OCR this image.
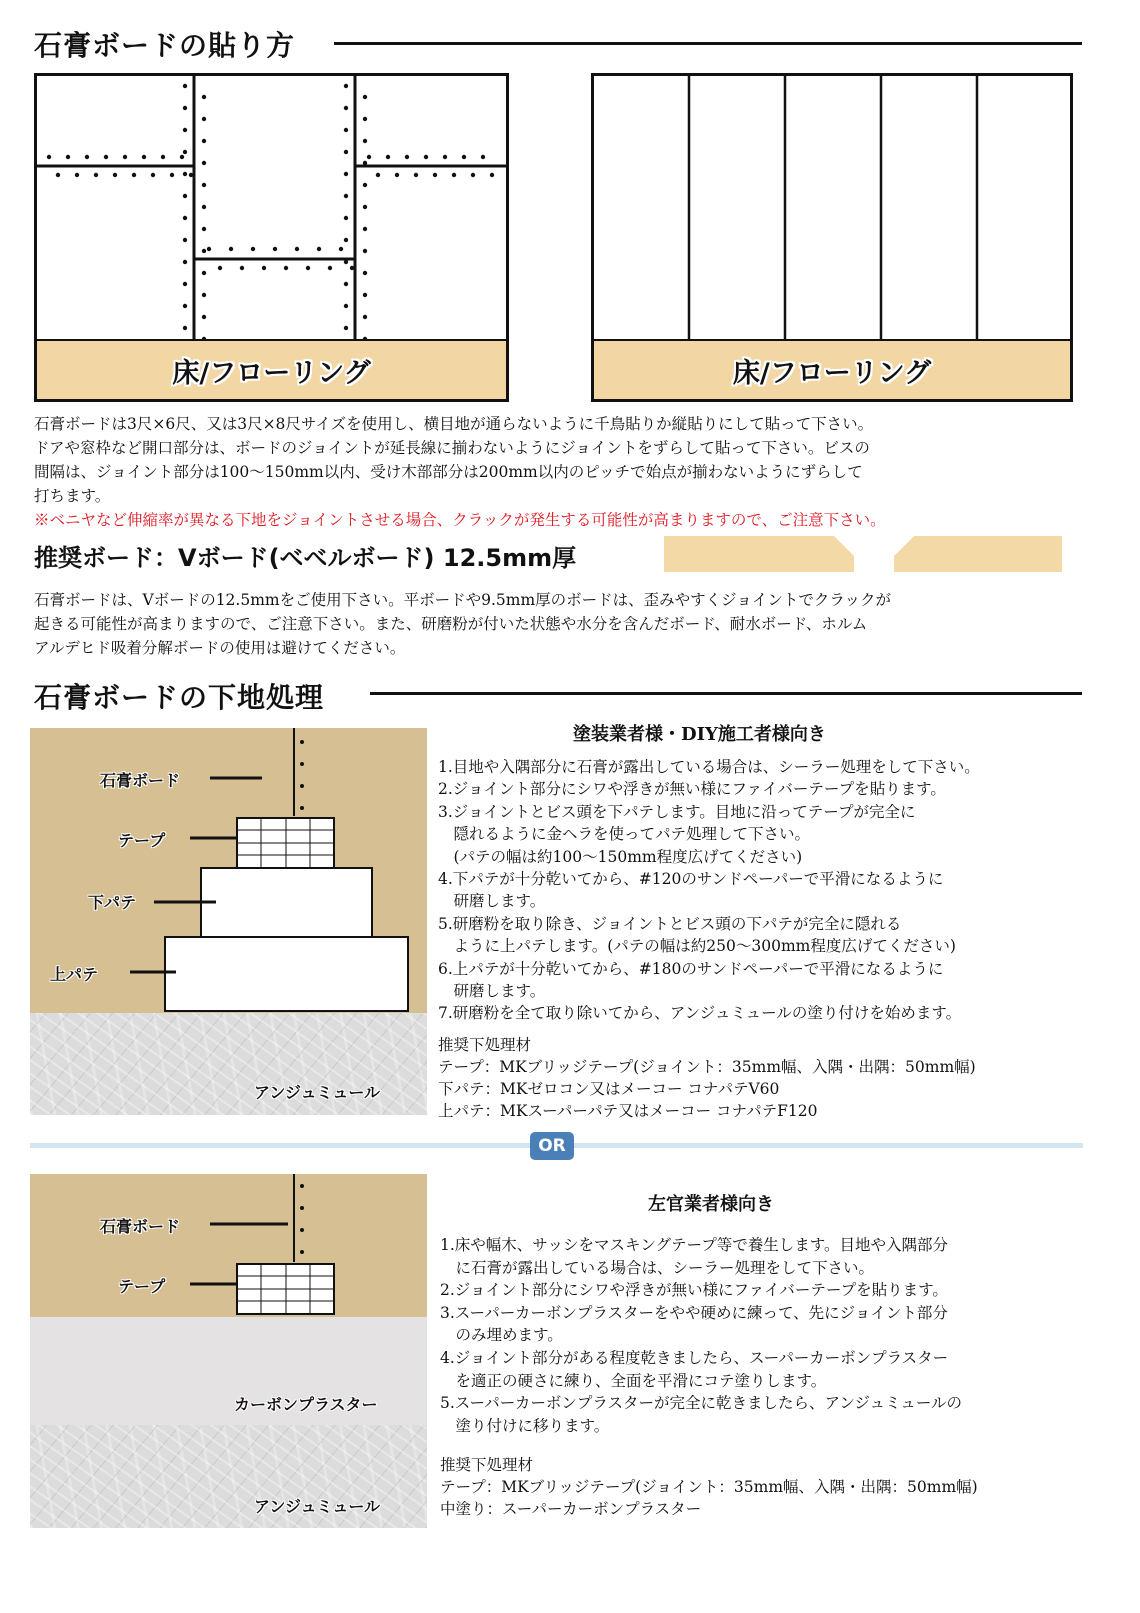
石膏ボードの貼り方
床/フローリング	床/フローリング
石膏ボードは3尺×6尺、又は3尺×8尺サイズを使用し、横目地が通らないように千鳥貼りか縦貼りにして貼って下さい。
ドアや窓枠など開口部分は、ボードのジョイントが延長線に揃わないようにジョイントをずらして貼って下さい。ビスの
間隔は、ジョイント部分は100～150mm以内、受け木部部分は200mm以内のピッチで始点が揃わないようにずらして
打ちます。
※ベニヤなど伸縮率が異なる下地をジョイントさせる場合、クラックが発生する可能性が高まりますので、ご注意下さい。
推奨ボード：Vボード(ベベルボード) 12.5mm厚
石膏ボードは、Vボードの12.5mmをご使用下さい。平ボードや9.5mm厚のボードは、歪みやすくジョイントでクラックが
起きる可能性が高まりますので、ご注意下さい。また、研磨粉が付いた状態や水分を含んだボード、耐水ボード、ホルム
アルデヒド吸着分解ボードの使用は避けてください。
石膏ボードの下地処理
石膏ボード
テープ
下パテ
上パテ
アンジュミュール
塗装業者様・DIY施工者様向き
1.目地や入隅部分に石膏が露出している場合は、シーラー処理をして下さい。
2.ジョイント部分にシワや浮きが無い様にファイバーテープを貼ります。
3.ジョイントとビス頭を下パテします。目地に沿ってテープが完全に
　隠れるように金ヘラを使ってパテ処理して下さい。
　(パテの幅は約100～150mm程度広げてください)
4.下パテが十分乾いてから、#120のサンドペーパーで平滑になるように
　研磨します。
5.研磨粉を取り除き、ジョイントとビス頭の下パテが完全に隠れる
　ように上パテします。(パテの幅は約250～300mm程度広げてください)
6.上パテが十分乾いてから、#180のサンドペーパーで平滑になるように
　研磨します。
7.研磨粉を全て取り除いてから、アンジュミュールの塗り付けを始めます。
推奨下処理材
テープ：MKブリッジテープ(ジョイント：35mm幅、入隅・出隅：50mm幅)
下パテ：MKゼロコン又はメーコー コナパテV60
上パテ：MKスーパーパテ又はメーコー コナパテF120
OR
石膏ボード
テープ
カーボンプラスター
アンジュミュール
左官業者様向き
1.床や幅木、サッシをマスキングテープ等で養生します。目地や入隅部分
　に石膏が露出している場合は、シーラー処理をして下さい。
2.ジョイント部分にシワや浮きが無い様にファイバーテープを貼ります。
3.スーパーカーボンプラスターをやや硬めに練って、先にジョイント部分
　のみ埋めます。
4.ジョイント部分がある程度乾きましたら、スーパーカーボンプラスター
　を適正の硬さに練り、全面を平滑にコテ塗りします。
5.スーパーカーボンプラスターが完全に乾きましたら、アンジュミュールの
　塗り付けに移ります。
推奨下処理材
テープ：MKブリッジテープ(ジョイント：35mm幅、入隅・出隅：50mm幅)
中塗り：スーパーカーボンプラスター
